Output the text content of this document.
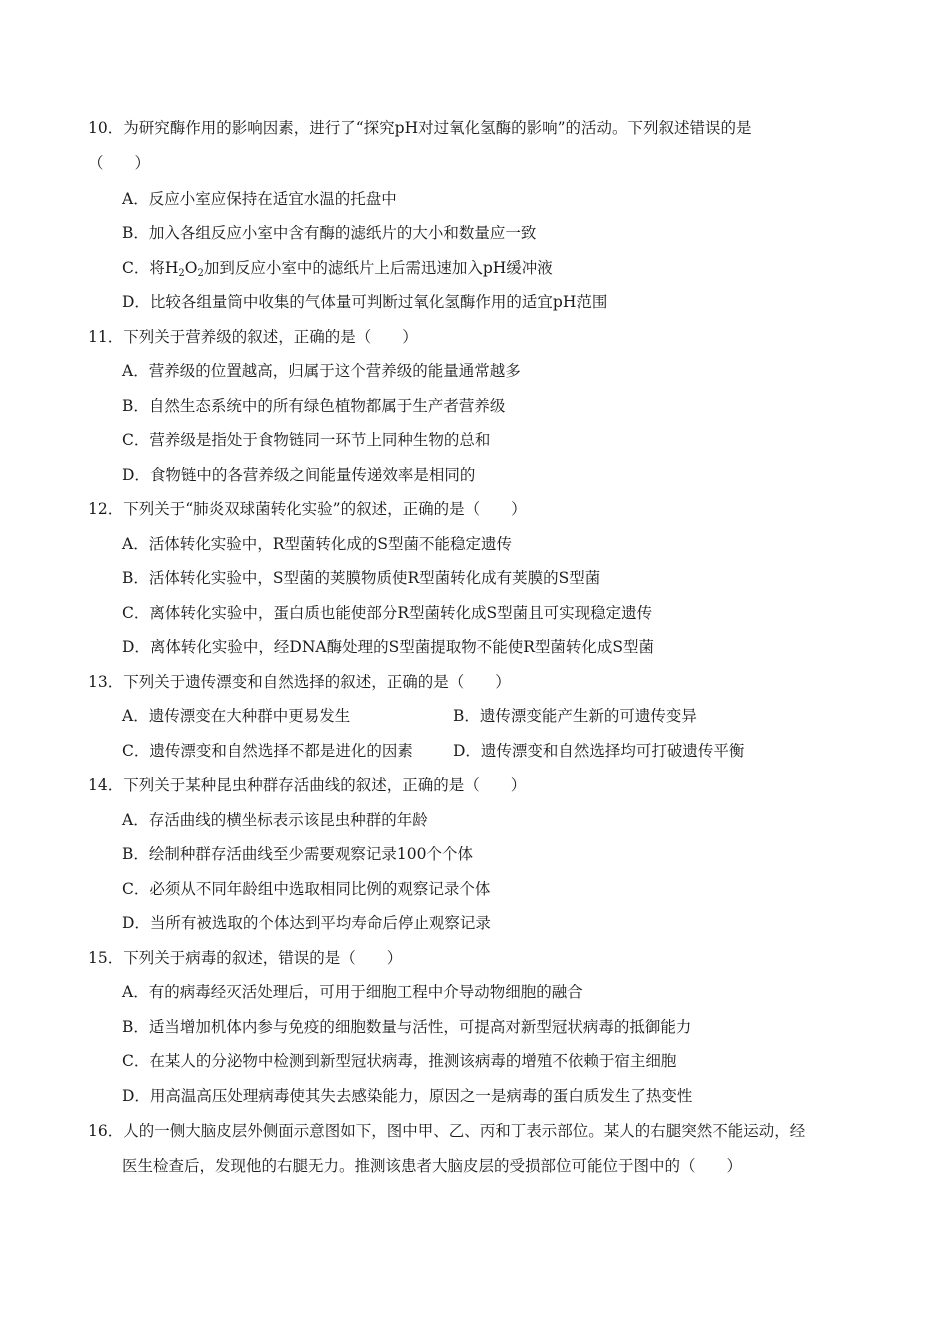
10．为研究酶作用的影响因素，进行了“探究pH对过氧化氢酶的影响”的活动。下列叙述错误的是
（　　）
A．反应小室应保持在适宜水温的托盘中
B．加入各组反应小室中含有酶的滤纸片的大小和数量应一致
C．将$H_2O_2$加到反应小室中的滤纸片上后需迅速加入pH缓冲液
D．比较各组量筒中收集的气体量可判断过氧化氢酶作用的适宜pH范围
11．下列关于营养级的叙述，正确的是（　　）
A．营养级的位置越高，归属于这个营养级的能量通常越多
B．自然生态系统中的所有绿色植物都属于生产者营养级
C．营养级是指处于食物链同一环节上同种生物的总和
D．食物链中的各营养级之间能量传递效率是相同的
12．下列关于“肺炎双球菌转化实验”的叙述，正确的是（　　）
A．活体转化实验中，R型菌转化成的S型菌不能稳定遗传
B．活体转化实验中，S型菌的荚膜物质使R型菌转化成有荚膜的S型菌
C．离体转化实验中，蛋白质也能使部分R型菌转化成S型菌且可实现稳定遗传
D．离体转化实验中，经DNA酶处理的S型菌提取物不能使R型菌转化成S型菌
13．下列关于遗传漂变和自然选择的叙述，正确的是（　　）
A．遗传漂变在大种群中更易发生	B．遗传漂变能产生新的可遗传变异
C．遗传漂变和自然选择不都是进化的因素	D．遗传漂变和自然选择均可打破遗传平衡
14．下列关于某种昆虫种群存活曲线的叙述，正确的是（　　）
A．存活曲线的横坐标表示该昆虫种群的年龄
B．绘制种群存活曲线至少需要观察记录100个个体
C．必须从不同年龄组中选取相同比例的观察记录个体
D．当所有被选取的个体达到平均寿命后停止观察记录
15．下列关于病毒的叙述，错误的是（　　）
A．有的病毒经灭活处理后，可用于细胞工程中介导动物细胞的融合
B．适当增加机体内参与免疫的细胞数量与活性，可提高对新型冠状病毒的抵御能力
C．在某人的分泌物中检测到新型冠状病毒，推测该病毒的增殖不依赖于宿主细胞
D．用高温高压处理病毒使其失去感染能力，原因之一是病毒的蛋白质发生了热变性
16．人的一侧大脑皮层外侧面示意图如下，图中甲、乙、丙和丁表示部位。某人的右腿突然不能运动，经
医生检查后，发现他的右腿无力。推测该患者大脑皮层的受损部位可能位于图中的（　　）
